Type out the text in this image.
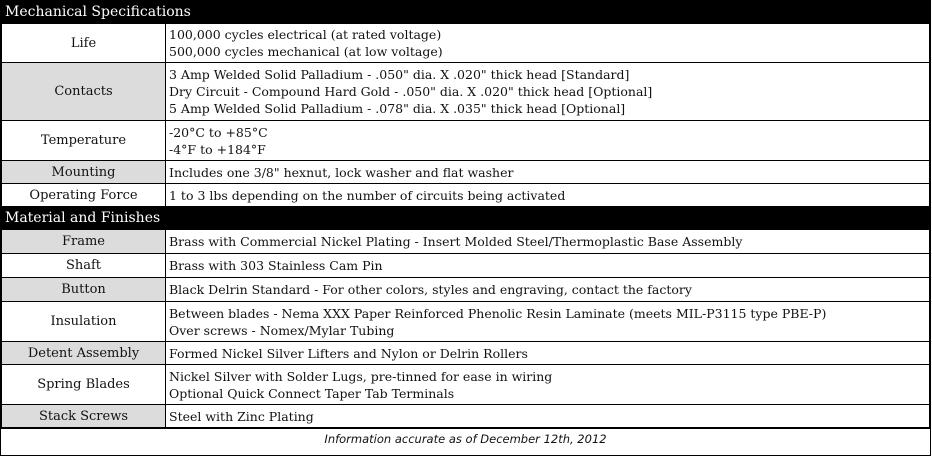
Mechanical Specifications
Life	100,000 cycles electrical (at rated voltage)
500,000 cycles mechanical (at low voltage)

Contacts	3 Amp Welded Solid Palladium - .050" dia. X .020" thick head [Standard]
Dry Circuit - Compound Hard Gold - .050" dia. X .020" thick head [Optional]
5 Amp Welded Solid Palladium - .078" dia. X .035" thick head [Optional]

Temperature	-20°C to +85°C
-4°F to +184°F

Mounting	Includes one 3/8" hexnut, lock washer and flat washer

Operating Force	1 to 3 lbs depending on the number of circuits being activated
Material and Finishes
Frame	Brass with Commercial Nickel Plating - Insert Molded Steel/Thermoplastic Base Assembly

Shaft	Brass with 303 Stainless Cam Pin

Button	Black Delrin Standard - For other colors, styles and engraving, contact the factory

Insulation	Between blades - Nema XXX Paper Reinforced Phenolic Resin Laminate (meets MIL-P3115 type PBE-P)
Over screws - Nomex/Mylar Tubing

Detent Assembly	Formed Nickel Silver Lifters and Nylon or Delrin Rollers

Spring Blades	Nickel Silver with Solder Lugs, pre-tinned for ease in wiring
Optional Quick Connect Taper Tab Terminals

Stack Screws	Steel with Zinc Plating
Information accurate as of December 12th, 2012
